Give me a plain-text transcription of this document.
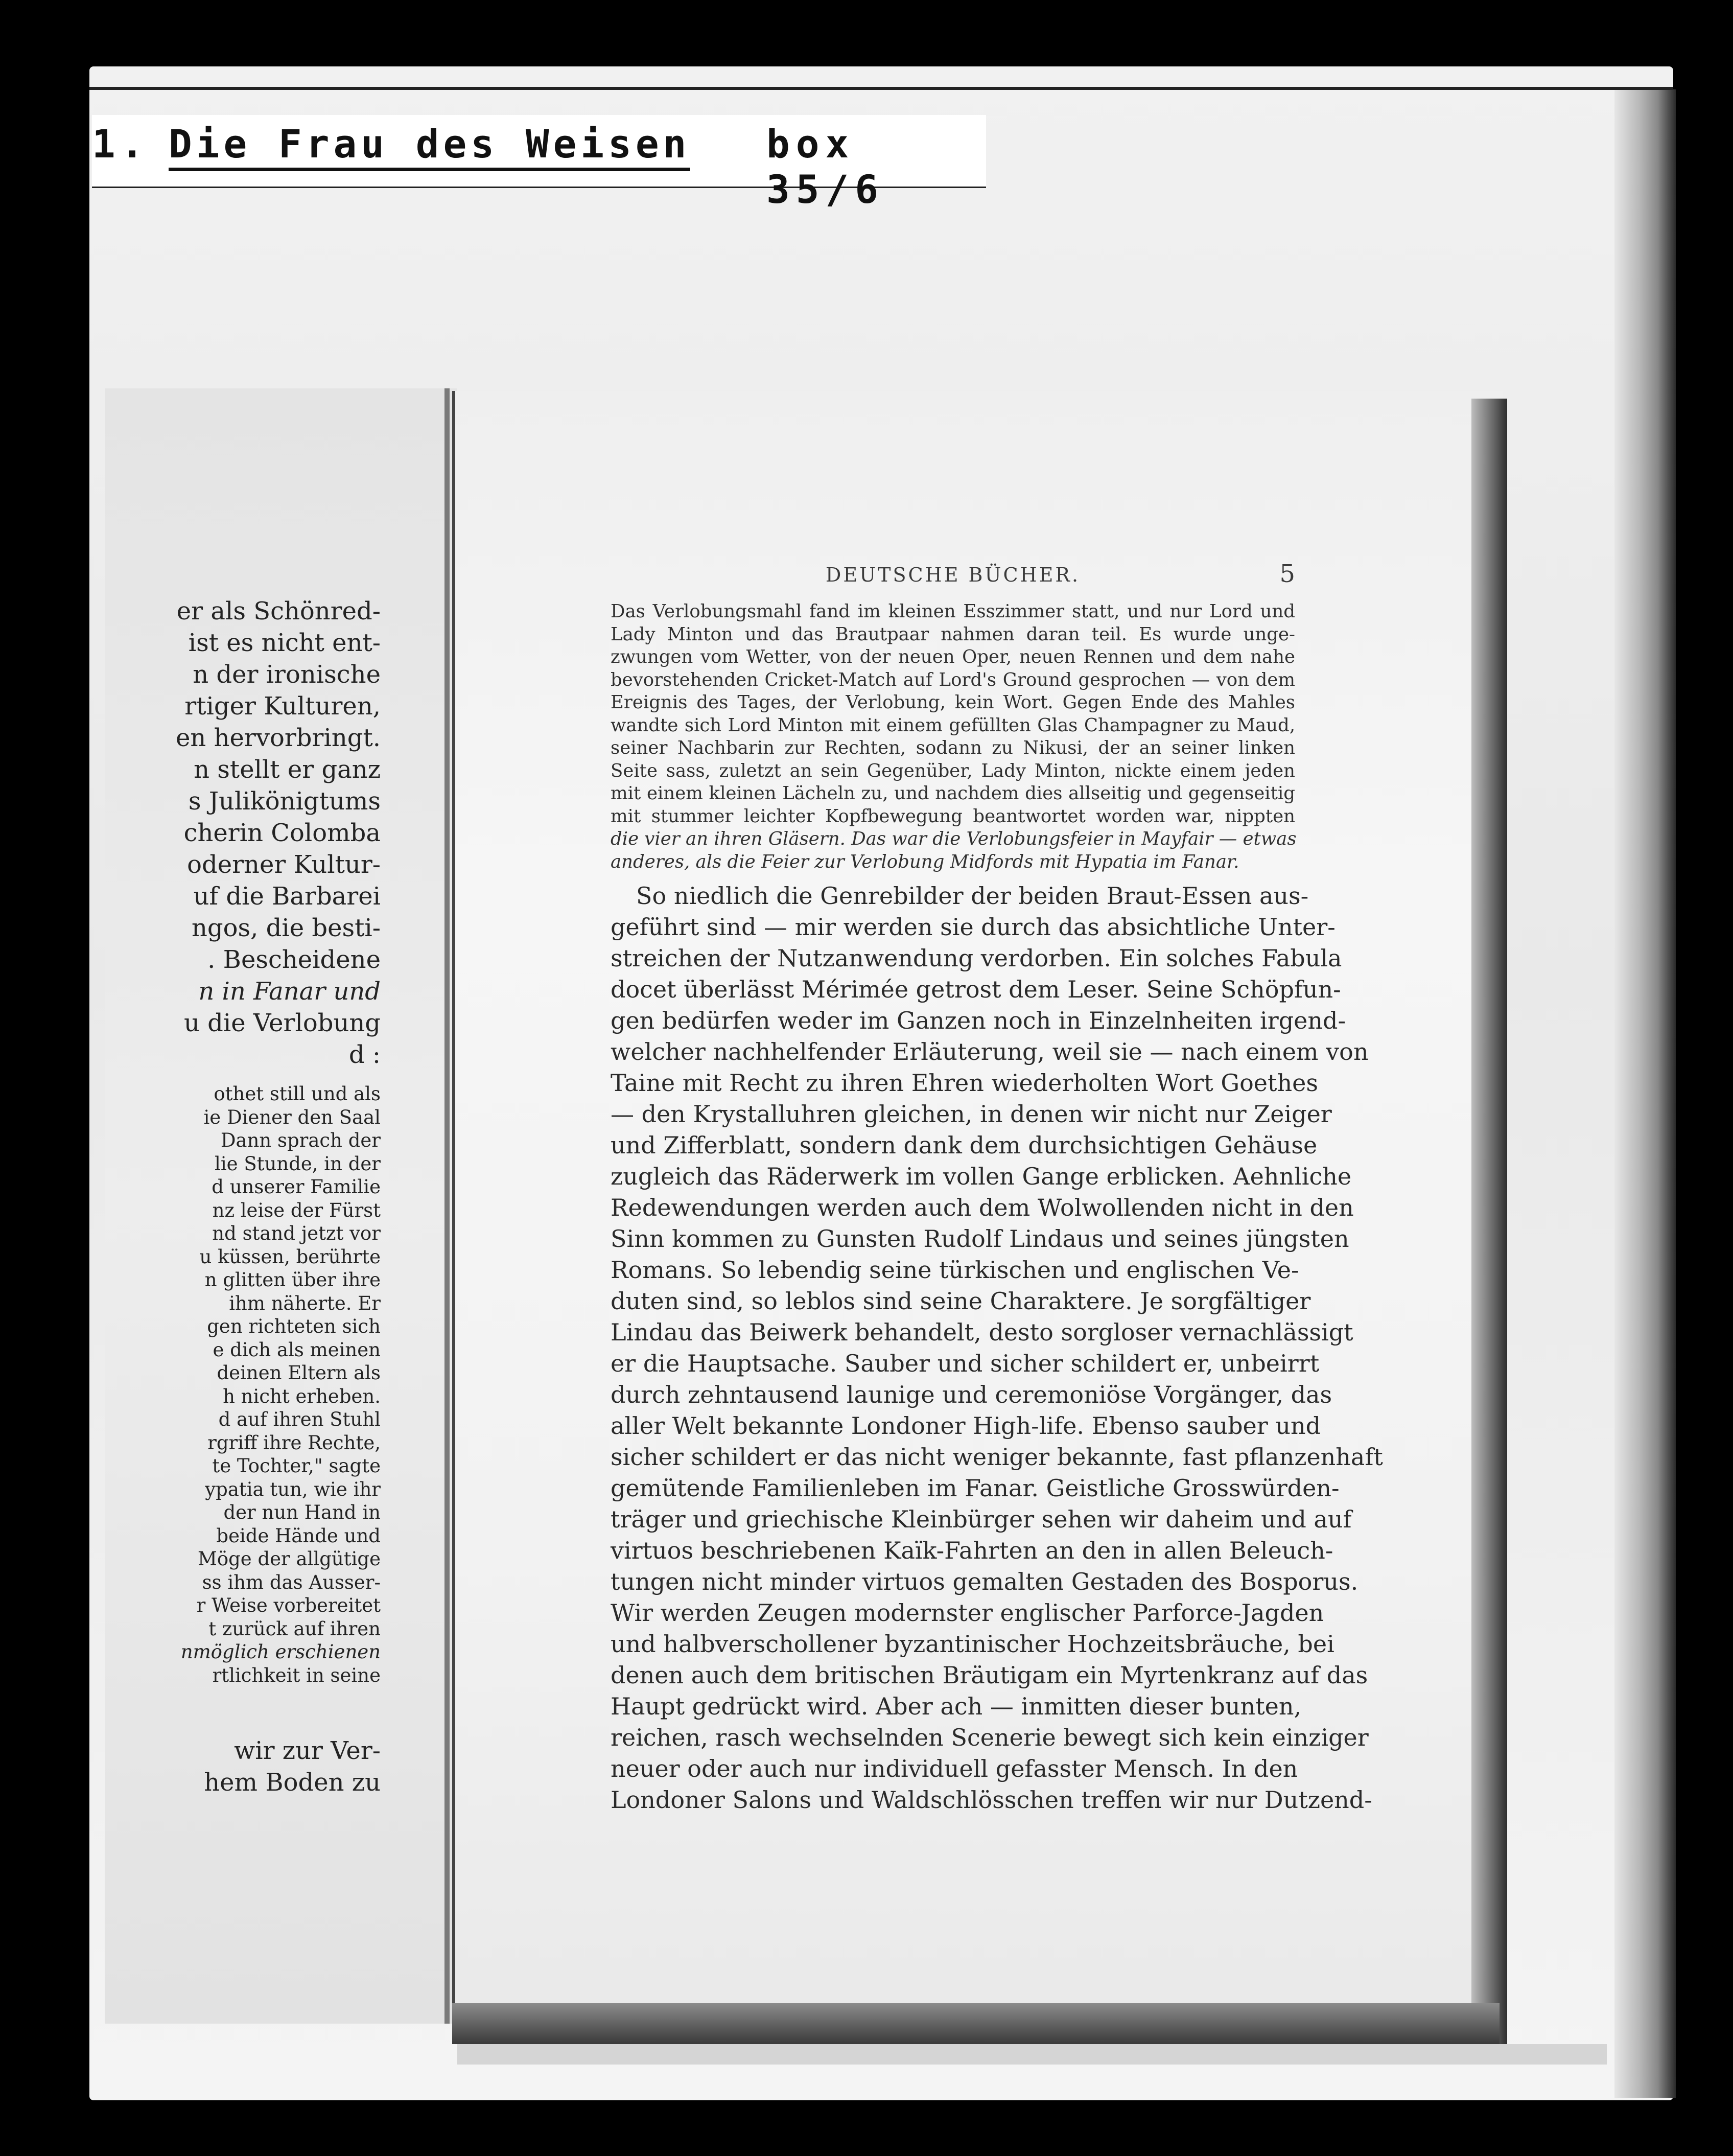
1. Die Frau des Weisen box 35/6
er als Schönred-
ist es nicht ent-
n der ironische
rtiger Kulturen,
en hervorbringt.
n stellt er ganz
s Julikönigtums
cherin Colomba
oderner Kultur-
uf die Barbarei
ngos, die besti-
. Bescheidene
n in Fanar und
u die Verlobung
d :
othet still und als
ie Diener den Saal
Dann sprach der
lie Stunde, in der
d unserer Familie
nz leise der Fürst
nd stand jetzt vor
u küssen, berührte
n glitten über ihre
ihm näherte. Er
gen richteten sich
e dich als meinen
deinen Eltern als
h nicht erheben.
d auf ihren Stuhl
rgriff ihre Rechte,
te Tochter," sagte
ypatia tun, wie ihr
der nun Hand in
beide Hände und
Möge der allgütige
ss ihm das Ausser-
r Weise vorbereitet
t zurück auf ihren
nmöglich erschienen
rtlichkeit in seine
wir zur Ver-
hem Boden zu
DEUTSCHE BÜCHER.	5
Das Verlobungsmahl fand im kleinen Esszimmer statt, und nur Lord und
Lady Minton und das Brautpaar nahmen daran teil. Es wurde unge-
zwungen vom Wetter, von der neuen Oper, neuen Rennen und dem nahe
bevorstehenden Cricket-Match auf Lord's Ground gesprochen — von dem
Ereignis des Tages, der Verlobung, kein Wort. Gegen Ende des Mahles
wandte sich Lord Minton mit einem gefüllten Glas Champagner zu Maud,
seiner Nachbarin zur Rechten, sodann zu Nikusi, der an seiner linken
Seite sass, zuletzt an sein Gegenüber, Lady Minton, nickte einem jeden
mit einem kleinen Lächeln zu, und nachdem dies allseitig und gegenseitig
mit stummer leichter Kopfbewegung beantwortet worden war, nippten
die vier an ihren Gläsern. Das war die Verlobungsfeier in Mayfair — etwas
anderes, als die Feier zur Verlobung Midfords mit Hypatia im Fanar.
So niedlich die Genrebilder der beiden Braut-Essen aus-
geführt sind — mir werden sie durch das absichtliche Unter-
streichen der Nutzanwendung verdorben. Ein solches Fabula
docet überlässt Mérimée getrost dem Leser. Seine Schöpfun-
gen bedürfen weder im Ganzen noch in Einzelnheiten irgend-
welcher nachhelfender Erläuterung, weil sie — nach einem von
Taine mit Recht zu ihren Ehren wiederholten Wort Goethes
— den Krystalluhren gleichen, in denen wir nicht nur Zeiger
und Zifferblatt, sondern dank dem durchsichtigen Gehäuse
zugleich das Räderwerk im vollen Gange erblicken. Aehnliche
Redewendungen werden auch dem Wolwollenden nicht in den
Sinn kommen zu Gunsten Rudolf Lindaus und seines jüngsten
Romans. So lebendig seine türkischen und englischen Ve-
duten sind, so leblos sind seine Charaktere. Je sorgfältiger
Lindau das Beiwerk behandelt, desto sorgloser vernachlässigt
er die Hauptsache. Sauber und sicher schildert er, unbeirrt
durch zehntausend launige und ceremoniöse Vorgänger, das
aller Welt bekannte Londoner High-life. Ebenso sauber und
sicher schildert er das nicht weniger bekannte, fast pflanzenhaft
gemütende Familienleben im Fanar. Geistliche Grosswürden-
träger und griechische Kleinbürger sehen wir daheim und auf
virtuos beschriebenen Kaïk-Fahrten an den in allen Beleuch-
tungen nicht minder virtuos gemalten Gestaden des Bosporus.
Wir werden Zeugen modernster englischer Parforce-Jagden
und halbverschollener byzantinischer Hochzeitsbräuche, bei
denen auch dem britischen Bräutigam ein Myrtenkranz auf das
Haupt gedrückt wird. Aber ach — inmitten dieser bunten,
reichen, rasch wechselnden Scenerie bewegt sich kein einziger
neuer oder auch nur individuell gefasster Mensch. In den
Londoner Salons und Waldschlösschen treffen wir nur Dutzend-
